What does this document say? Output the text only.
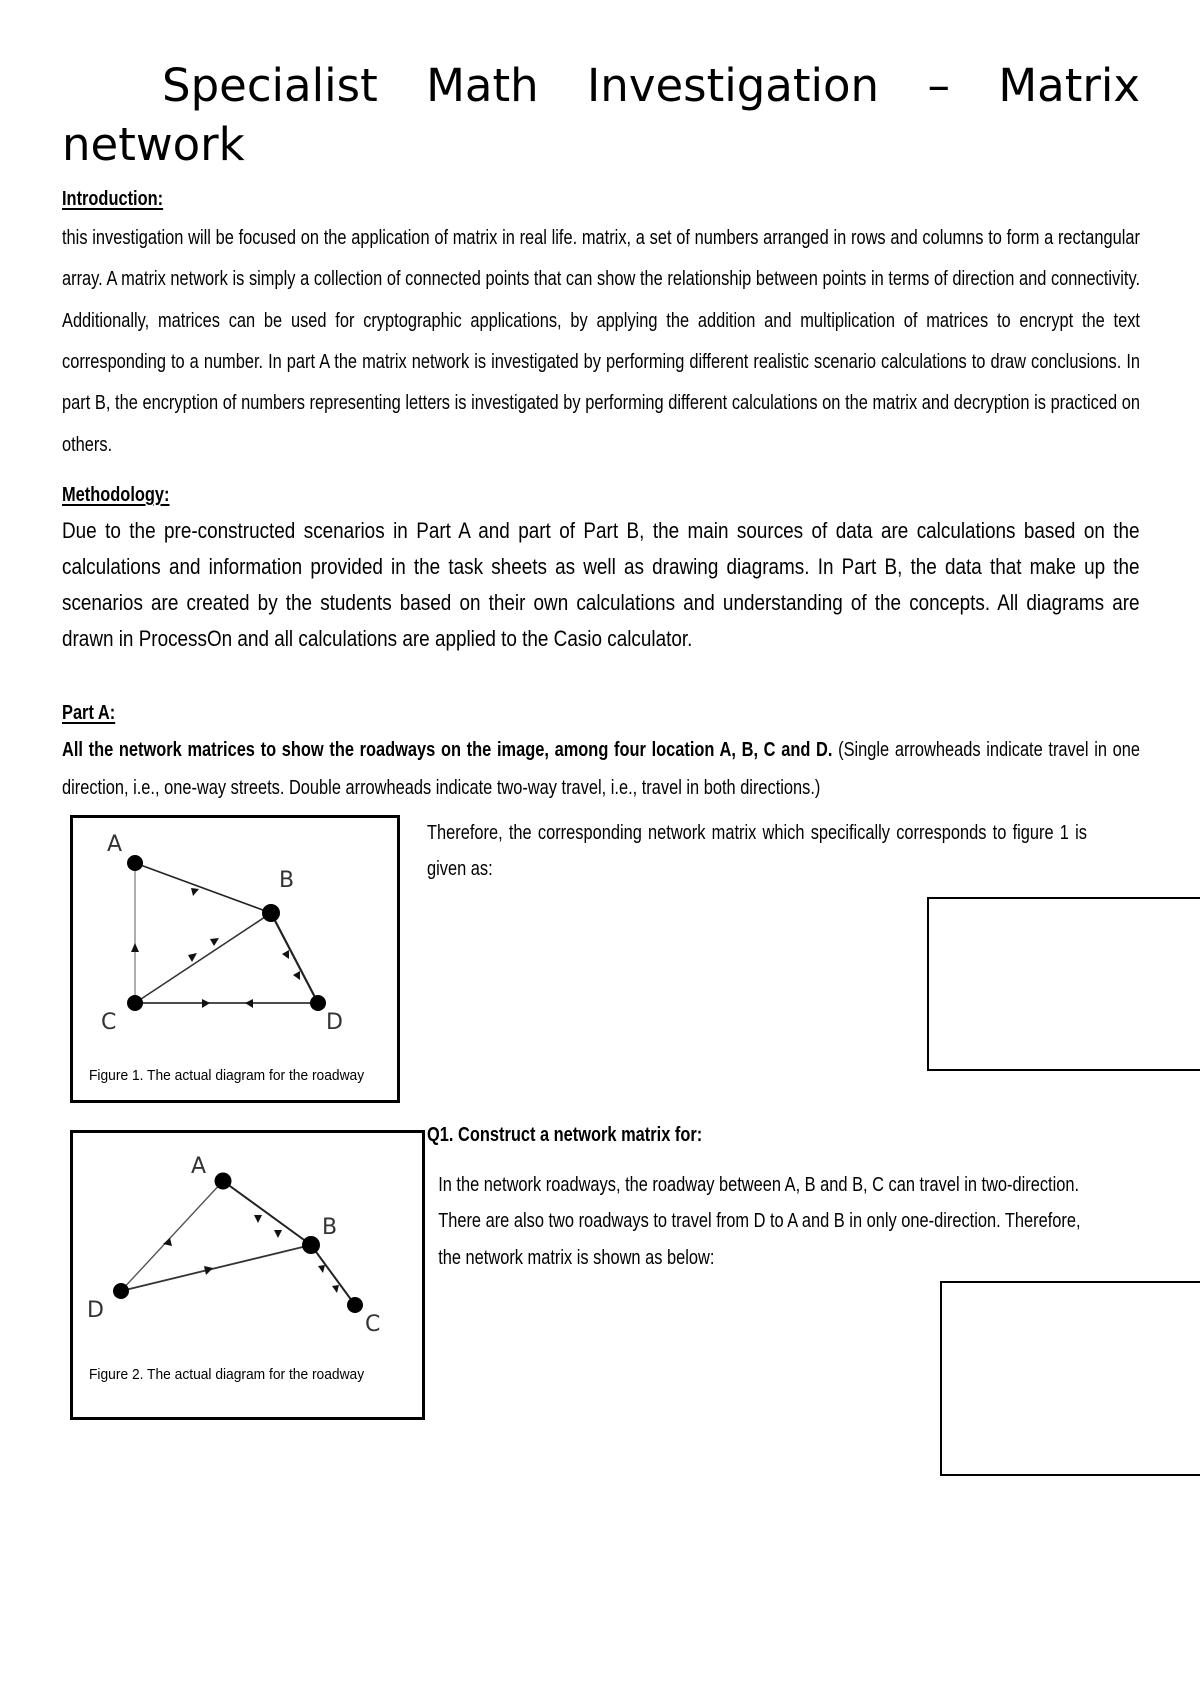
Specialist Math Investigation – Matrix
network
Introduction:

this investigation will be focused on the application of matrix in real life. matrix, a set of numbers arranged in rows and columns to form a rectangular array. A matrix network is simply a collection of connected points that can show the relationship between points in terms of direction and connectivity. Additionally, matrices can be used for cryptographic applications, by applying the addition and multiplication of matrices to encrypt the text corresponding to a number. In part A the matrix network is investigated by performing different realistic scenario calculations to draw conclusions. In part B, the encryption of numbers representing letters is investigated by performing different calculations on the matrix and decryption is practiced on others.

Methodology:

Due to the pre-constructed scenarios in Part A and part of Part B, the main sources of data are calculations based on the calculations and information provided in the task sheets as well as drawing diagrams. In Part B, the data that make up the scenarios are created by the students based on their own calculations and understanding of the concepts. All diagrams are drawn in ProcessOn and all calculations are applied to the Casio calculator.

Part A:

All the network matrices to show the roadways on the image, among four location A, B, C and D. (Single arrowheads indicate travel in one direction, i.e., one-way streets. Double arrowheads indicate two-way travel, i.e., travel in both directions.)

A
B
C	D
Figure 1. The actual diagram for the roadway
A
B
C
D
Figure 2. The actual diagram for the roadway

Therefore, the corresponding network matrix which specifically corresponds to figure 1 is given as:

Q1. Construct a network matrix for:

In the network roadways, the roadway between A, B and B, C can travel in two-direction. There are also two roadways to travel from D to A and B in only one-direction. Therefore, the network matrix is shown as below:
